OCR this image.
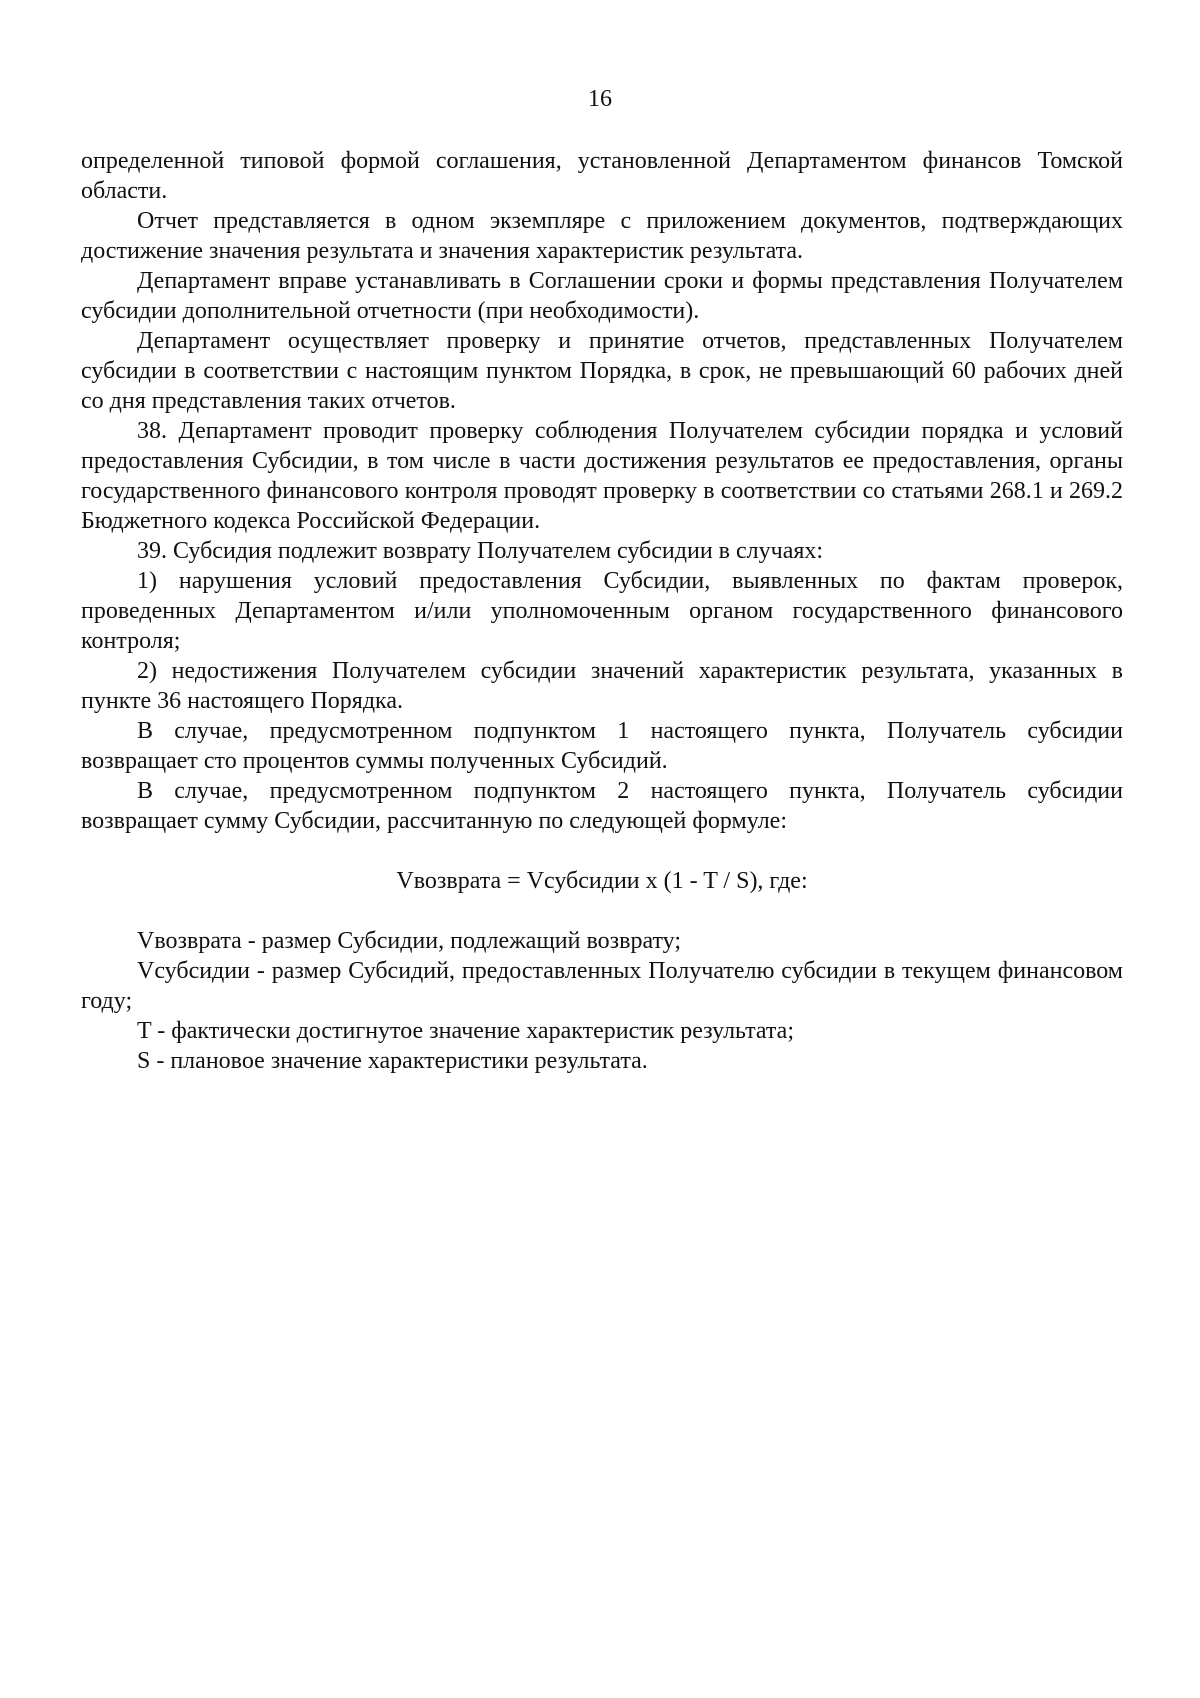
16

определенной типовой формой соглашения, установленной Департаментом финансов Томской области.

Отчет представляется в одном экземпляре с приложением документов, подтверждающих достижение значения результата и значения характеристик результата.

Департамент вправе устанавливать в Соглашении сроки и формы представления Получателем субсидии дополнительной отчетности (при необходимости).

Департамент осуществляет проверку и принятие отчетов, представленных Получателем субсидии в соответствии с настоящим пунктом Порядка, в срок, не превышающий 60 рабочих дней со дня представления таких отчетов.

38. Департамент проводит проверку соблюдения Получателем субсидии порядка и условий предоставления Субсидии, в том числе в части достижения результатов ее предоставления, органы государственного финансового контроля проводят проверку в соответствии со статьями 268.1 и 269.2 Бюджетного кодекса Российской Федерации.

39. Субсидия подлежит возврату Получателем субсидии в случаях:

1) нарушения условий предоставления Субсидии, выявленных по фактам проверок, проведенных Департаментом и/или уполномоченным органом государственного финансового контроля;

2) недостижения Получателем субсидии значений характеристик результата, указанных в пункте 36 настоящего Порядка.

В случае, предусмотренном подпунктом 1 настоящего пункта, Получатель субсидии возвращает сто процентов суммы полученных Субсидий.

В случае, предусмотренном подпунктом 2 настоящего пункта, Получатель субсидии возвращает сумму Субсидии, рассчитанную по следующей формуле:

Vвозврата = Vсубсидии x (1 - T / S), где:

Vвозврата - размер Субсидии, подлежащий возврату;

Vсубсидии - размер Субсидий, предоставленных Получателю субсидии в текущем финансовом году;

T - фактически достигнутое значение характеристик результата;

S - плановое значение характеристики результата.
